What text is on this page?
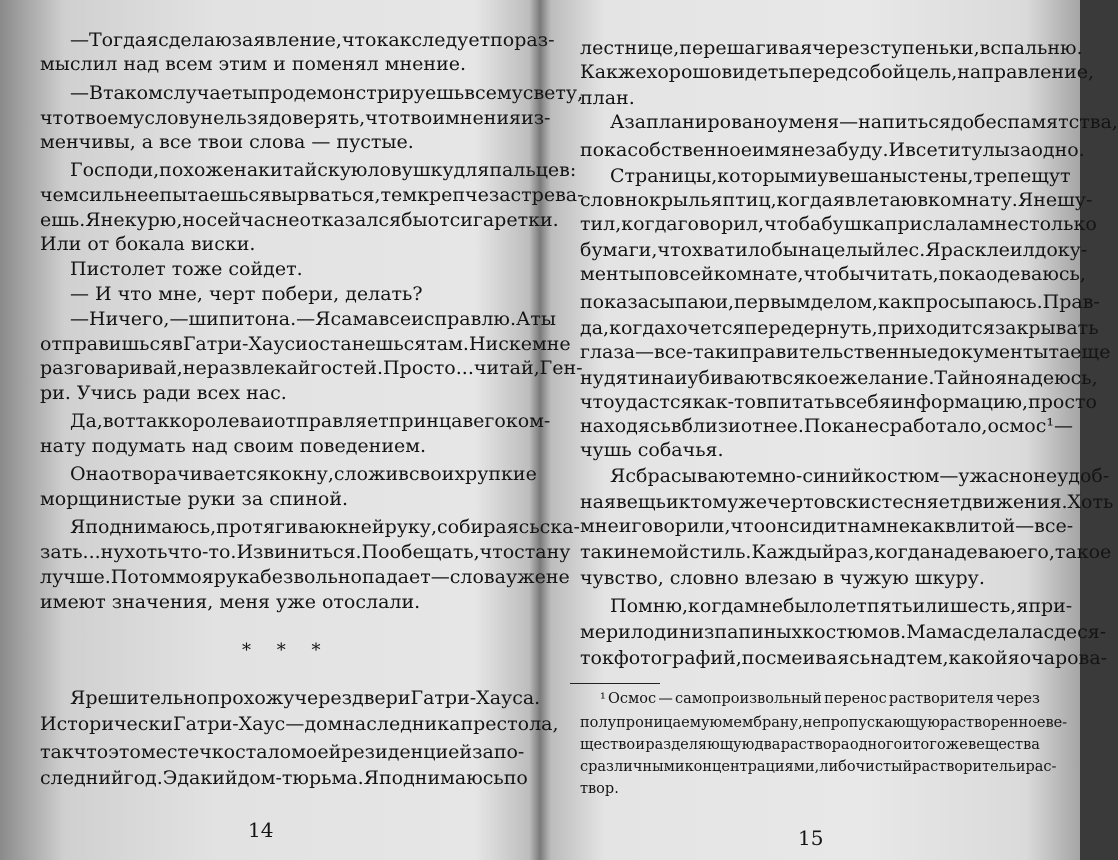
* * *
14
— Тогда я сделаю заявление, что как следует пораз-
мыслил над всем этим и поменял мнение.
— В таком случае ты продемонстрируешь всему свету,
что твоему слову нельзя доверять, что твои мнения из-
менчивы, а все твои слова — пустые.
Господи, похоже на китайскую ловушку для пальцев:
чем сильнее пытаешься вырваться, тем крепче застрева-
ешь. Я не курю, но сейчас не отказался бы от сигаретки.
Или от бокала виски.
Пистолет тоже сойдет.
— И что мне, черт побери, делать?
— Ничего, — шипит она. — Я сама все исправлю. А ты
отправишься в Гатри-Хаус и останешься там. Ни с кем не
разговаривай, не развлекай гостей. Просто... читай, Ген-
ри. Учись ради всех нас.
Да, вот так королева и отправляет принца в его ком-
нату подумать над своим поведением.
Она отворачивается к окну, сложив свои хрупкие
морщинистые руки за спиной.
Я поднимаюсь, протягиваю к ней руку, собираясь ска-
зать... ну хоть что-то. Извиниться. Пообещать, что стану
лучше. Потом моя рука безвольно падает — слова уже не
имеют значения, меня уже отослали.
Я решительно прохожу через двери Гатри-Хауса.
Исторически Гатри-Хаус — дом наследника престола,
так что это местечко стало моей резиденцией за по-
следний год. Эдакий дом-тюрьма. Я поднимаюсь по
15
лестнице, перешагивая через ступеньки, в спальню.
Как же хорошо видеть перед собой цель, направление,
план.
А запланировано у меня — напиться до беспамятства,
пока собственное имя не забуду. И все титулы заодно.
Страницы, которыми увешаны стены, трепещут
словно крылья птиц, когда я влетаю в комнату. Я не шу-
тил, когда говорил, что бабушка прислала мне столько
бумаги, что хватило бы на целый лес. Я расклеил доку-
менты по всей комнате, чтобы читать, пока одеваюсь,
пока засыпаю и, первым делом, как просыпаюсь. Прав-
да, когда хочется передернуть, приходится закрывать
глаза — все-таки правительственные документы та еще
нудятина и убивают всякое желание. Тайно я надеюсь,
что удастся как-то впитать в себя информацию, просто
находясь вблизи от нее. Пока не сработало, осмос¹ —
чушь собачья.
Я сбрасываю темно-синий костюм — ужасно неудоб-
ная вещь и к тому же чертовски стесняет движения. Хоть
мне и говорили, что он сидит на мне как влитой — все-
таки не мой стиль. Каждый раз, когда надеваю его, такое
чувство, словно влезаю в чужую шкуру.
Помню, когда мне было лет пять или шесть, я при-
мерил один из папиных костюмов. Мама сделала с деся-
ток фотографий, посмеиваясь над тем, какой я очарова-
¹ Осмос — самопроизвольный перенос растворителя через
полупроницаемую мембрану, не пропускающую растворенное ве-
щество и разделяющую два раствора одного и того же вещества
с различными концентрациями, либо чистый растворитель и рас-
твор.
